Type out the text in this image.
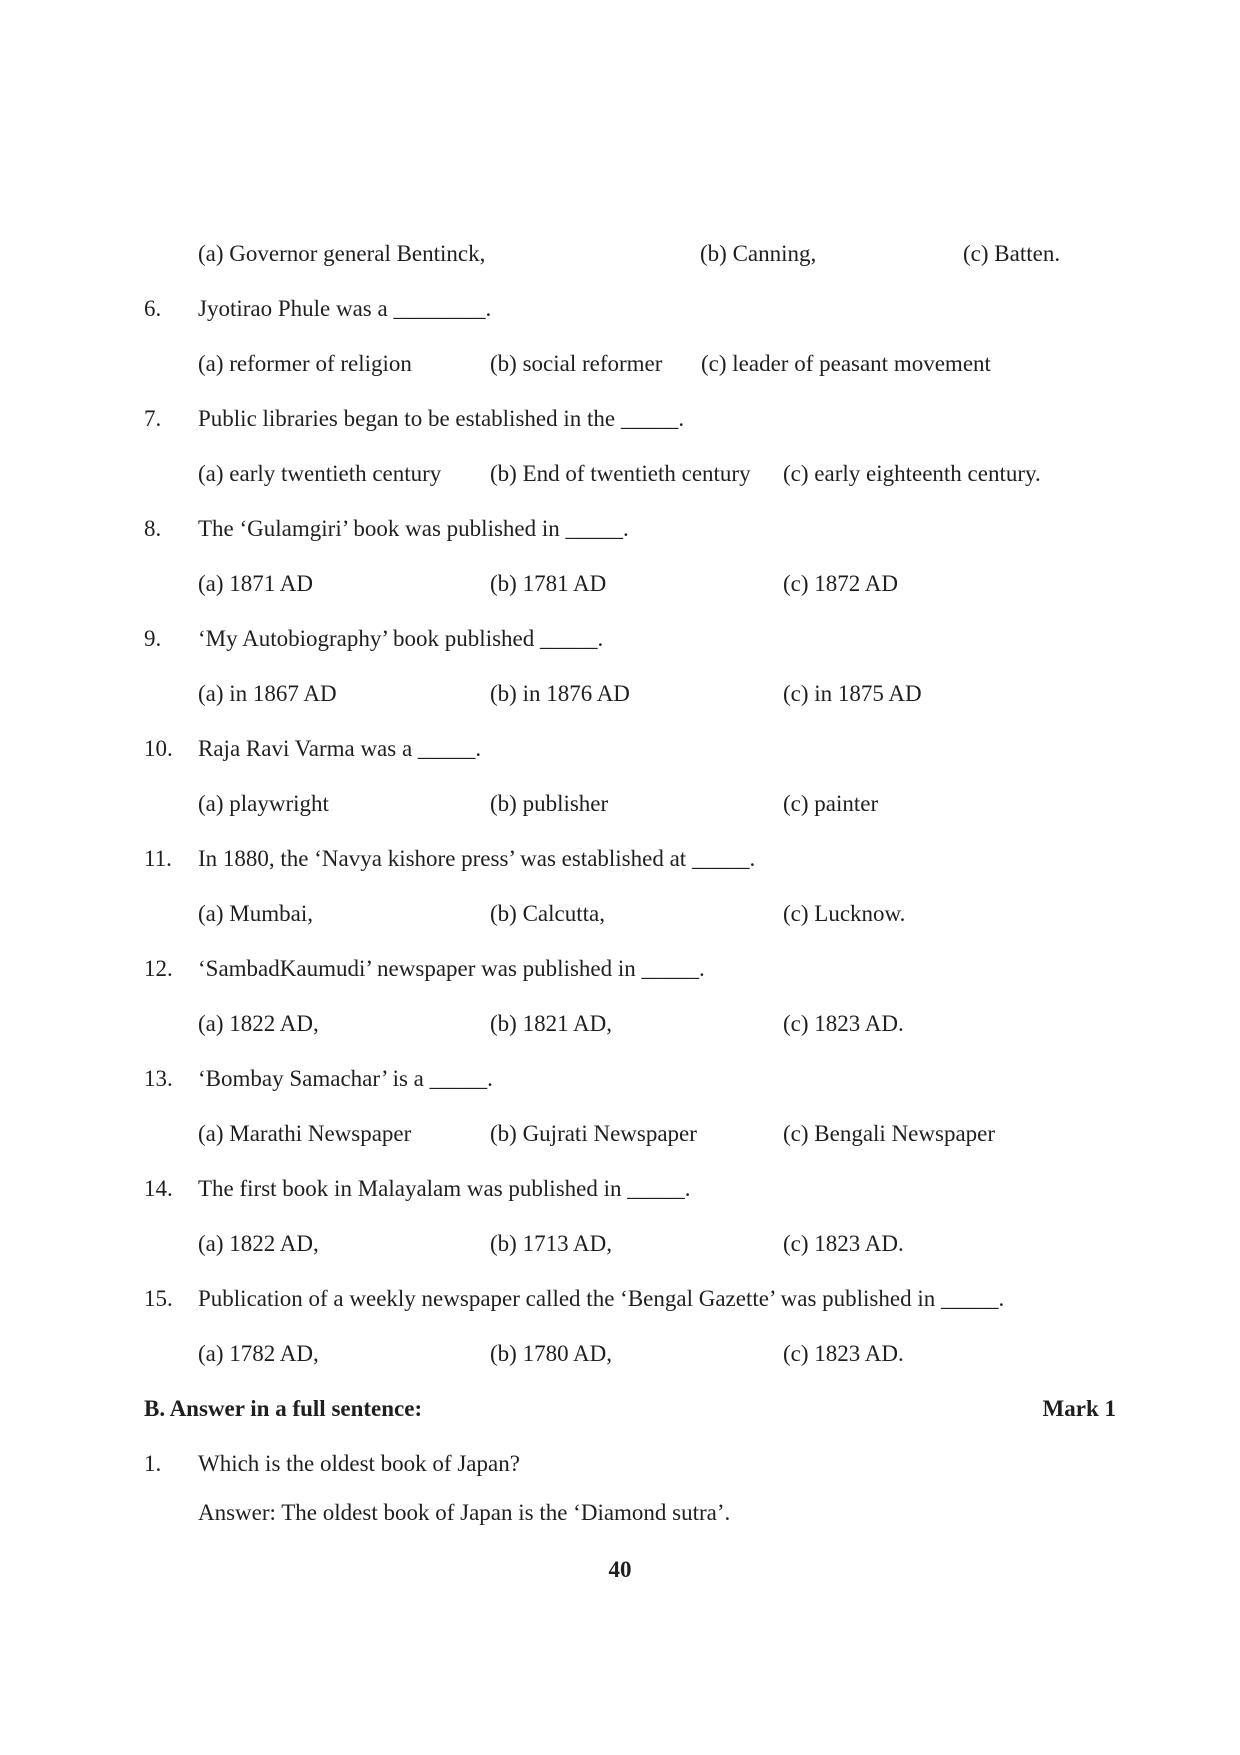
(a) Governor general Bentinck,	(b) Canning,	(c) Batten.
6. Jyotirao Phule was a ________.
(a) reformer of religion	(b) social reformer (c) leader of peasant movement
7. Public libraries began to be established in the _____.
(a) early twentieth century (b) End of twentieth century (c) early eighteenth century.
8. The ‘Gulamgiri’ book was published in _____.
(a) 1871 AD	(b) 1781 AD	(c) 1872 AD
9. ‘My Autobiography’ book published _____.
(a) in 1867 AD	(b) in 1876 AD	(c) in 1875 AD
10. Raja Ravi Varma was a _____.
(a) playwright	(b) publisher	(c) painter
11. In 1880, the ‘Navya kishore press’ was established at _____.
(a) Mumbai,	(b) Calcutta,	(c) Lucknow.
12. ‘SambadKaumudi’ newspaper was published in _____.
(a) 1822 AD,	(b) 1821 AD,	(c) 1823 AD.
13. ‘Bombay Samachar’ is a _____.
(a) Marathi Newspaper	(b) Gujrati Newspaper	(c) Bengali Newspaper
14. The first book in Malayalam was published in _____.
(a) 1822 AD,	(b) 1713 AD,	(c) 1823 AD.
15. Publication of a weekly newspaper called the ‘Bengal Gazette’ was published in _____.
(a) 1782 AD,	(b) 1780 AD,	(c) 1823 AD.
B. Answer in a full sentence:	Mark 1
1. Which is the oldest book of Japan?
Answer: The oldest book of Japan is the ‘Diamond sutra’.
40
